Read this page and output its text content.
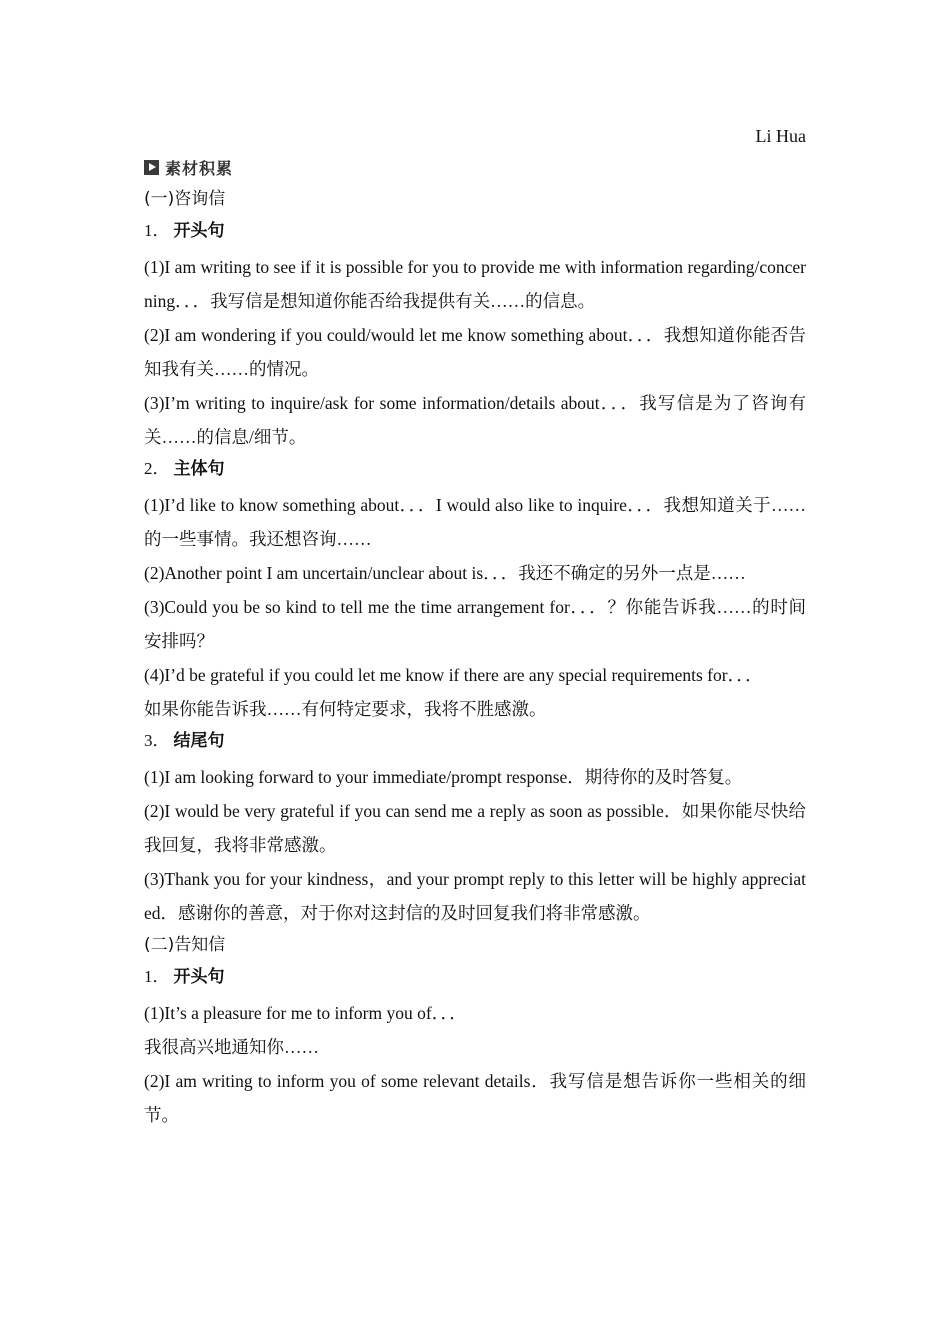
Li Hua
素材积累
(一)咨询信
1． 开头句

(1)I am writing to see if it is possible for you to provide me with information regarding/concerning．．．我写信是想知道你能否给我提供有关……的信息。

(2)I am wondering if you could/would let me know something about．．．我想知道你能否告知我有关……的情况。

(3)I’m writing to inquire/ask for some information/details about．．．我写信是为了咨询有关……的信息/细节。

2． 主体句

(1)I’d like to know something about．．．I would also like to inquire．．．我想知道关于……的一些事情。我还想咨询……

(2)Another point I am uncertain/unclear about is．．．我还不确定的另外一点是……

(3)Could you be so kind to tell me the time arrangement for．．．？你能告诉我……的时间安排吗？

(4)I’d be grateful if you could let me know if there are any special requirements for．．．

如果你能告诉我……有何特定要求，我将不胜感激。

3． 结尾句

(1)I am looking forward to your immediate/prompt response．期待你的及时答复。

(2)I would be very grateful if you can send me a reply as soon as possible．如果你能尽快给我回复，我将非常感激。

(3)Thank you for your kindness，and your prompt reply to this letter will be highly appreciated．感谢你的善意，对于你对这封信的及时回复我们将非常感激。

(二)告知信
1． 开头句

(1)It’s a pleasure for me to inform you of．．．

我很高兴地通知你……

(2)I am writing to inform you of some relevant details．我写信是想告诉你一些相关的细节。
